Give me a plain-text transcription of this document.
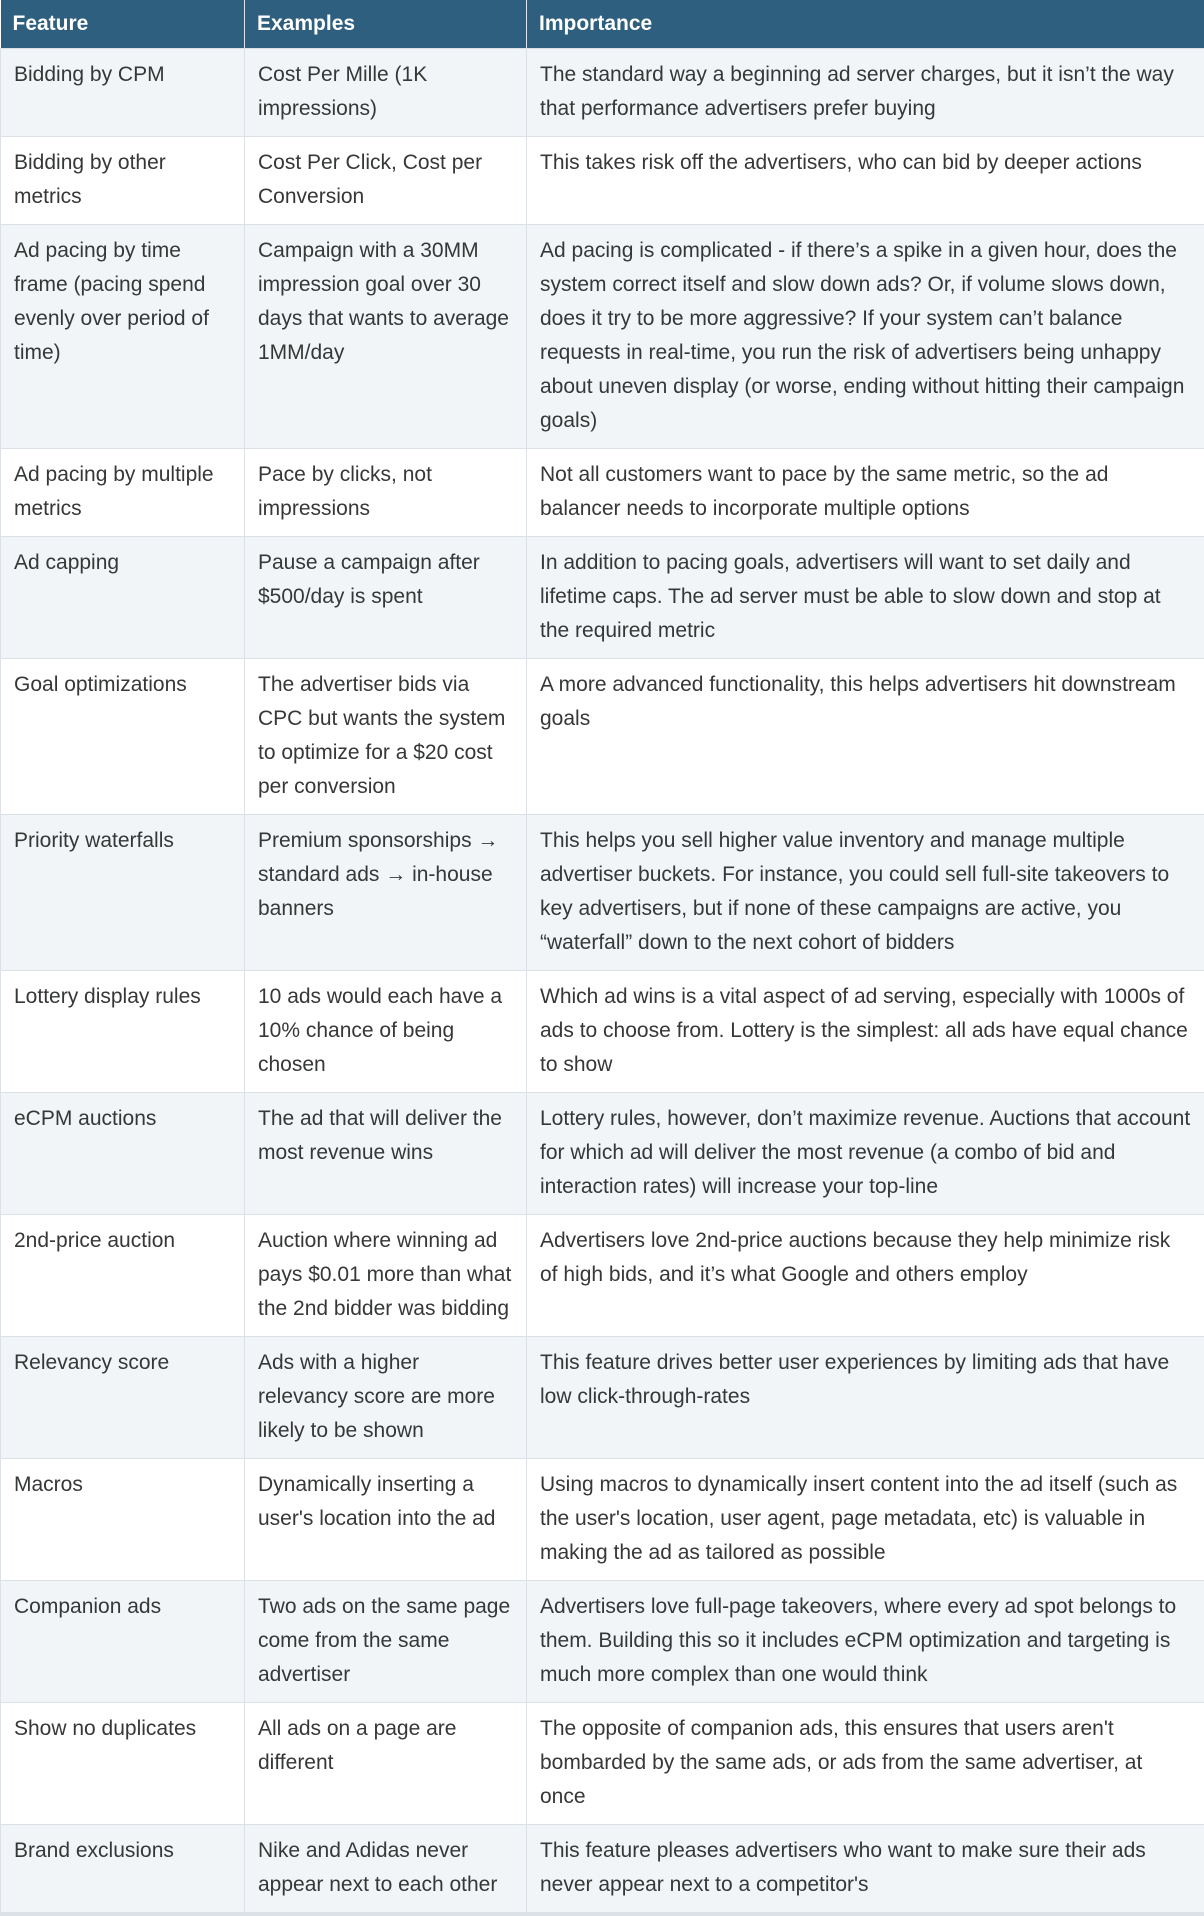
Feature	Examples	Importance
Bidding by CPM	Cost Per Mille (1K impressions)	The standard way a beginning ad server charges, but it isn’t the way that performance advertisers prefer buying
Bidding by other metrics	Cost Per Click, Cost per Conversion	This takes risk off the advertisers, who can bid by deeper actions
Ad pacing by time frame (pacing spend evenly over period of time)	Campaign with a 30MM impression goal over 30 days that wants to average 1MM/day	Ad pacing is complicated - if there’s a spike in a given hour, does the system correct itself and slow down ads? Or, if volume slows down, does it try to be more aggressive? If your system can’t balance requests in real-time, you run the risk of advertisers being unhappy about uneven display (or worse, ending without hitting their campaign goals)
Ad pacing by multiple metrics	Pace by clicks, not impressions	Not all customers want to pace by the same metric, so the ad balancer needs to incorporate multiple options
Ad capping	Pause a campaign after $500/day is spent	In addition to pacing goals, advertisers will want to set daily and lifetime caps. The ad server must be able to slow down and stop at the required metric
Goal optimizations	The advertiser bids via CPC but wants the system to optimize for a $20 cost per conversion	A more advanced functionality, this helps advertisers hit downstream goals
Priority waterfalls	Premium sponsorships → standard ads → in-house banners	This helps you sell higher value inventory and manage multiple advertiser buckets. For instance, you could sell full-site takeovers to key advertisers, but if none of these campaigns are active, you “waterfall” down to the next cohort of bidders
Lottery display rules	10 ads would each have a 10% chance of being chosen	Which ad wins is a vital aspect of ad serving, especially with 1000s of ads to choose from. Lottery is the simplest: all ads have equal chance to show
eCPM auctions	The ad that will deliver the most revenue wins	Lottery rules, however, don’t maximize revenue. Auctions that account for which ad will deliver the most revenue (a combo of bid and interaction rates) will increase your top-line
2nd-price auction	Auction where winning ad pays $0.01 more than what the 2nd bidder was bidding	Advertisers love 2nd-price auctions because they help minimize risk of high bids, and it’s what Google and others employ
Relevancy score	Ads with a higher relevancy score are more likely to be shown	This feature drives better user experiences by limiting ads that have low click-through-rates
Macros	Dynamically inserting a user's location into the ad	Using macros to dynamically insert content into the ad itself (such as the user's location, user agent, page metadata, etc) is valuable in making the ad as tailored as possible
Companion ads	Two ads on the same page come from the same advertiser	Advertisers love full-page takeovers, where every ad spot belongs to them. Building this so it includes eCPM optimization and targeting is much more complex than one would think
Show no duplicates	All ads on a page are different	The opposite of companion ads, this ensures that users aren't bombarded by the same ads, or ads from the same advertiser, at once
Brand exclusions	Nike and Adidas never appear next to each other	This feature pleases advertisers who want to make sure their ads never appear next to a competitor's
